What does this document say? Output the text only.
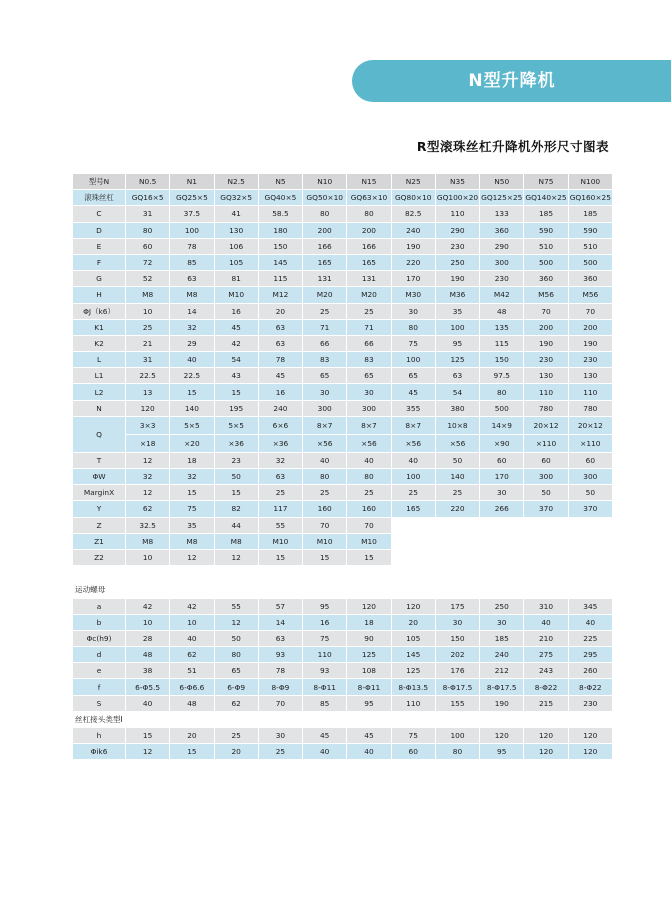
N型升降机
R型滚珠丝杠升降机外形尺寸图表
型号N	N0.5	N1	N2.5	N5	N10	N15	N25	N35	N50	N75	N100
滚珠丝杠	GQ16×5	GQ25×5	GQ32×5	GQ40×5	GQ50×10	GQ63×10	GQ80×10	GQ100×20	GQ125×25	GQ140×25	GQ160×25
C	31	37.5	41	58.5	80	80	82.5	110	133	185	185
D	80	100	130	180	200	200	240	290	360	590	590
E	60	78	106	150	166	166	190	230	290	510	510
F	72	85	105	145	165	165	220	250	300	500	500
G	52	63	81	115	131	131	170	190	230	360	360
H	M8	M8	M10	M12	M20	M20	M30	M36	M42	M56	M56
ΦJ（k6）	10	14	16	20	25	25	30	35	48	70	70
K1	25	32	45	63	71	71	80	100	135	200	200
K2	21	29	42	63	66	66	75	95	115	190	190
L	31	40	54	78	83	83	100	125	150	230	230
L1	22.5	22.5	43	45	65	65	65	63	97.5	130	130
L2	13	15	15	16	30	30	45	54	80	110	110
N	120	140	195	240	300	300	355	380	500	780	780
Q	3×3	5×5	5×5	6×6	8×7	8×7	8×7	10×8	14×9	20×12	20×12
	×18	×20	×36	×36	×56	×56	×56	×56	×90	×110	×110
T	12	18	23	32	40	40	40	50	60	60	60
ΦW	32	32	50	63	80	80	100	140	170	300	300
MarginX	12	15	15	25	25	25	25	25	30	50	50
Y	62	75	82	117	160	160	165	220	266	370	370
Z	32.5	35	44	55	70	70					
Z1	M8	M8	M8	M10	M10	M10					
Z2	10	12	12	15	15	15					

运动螺母											
a	42	42	55	57	95	120	120	175	250	310	345
b	10	10	12	14	16	18	20	30	30	40	40
Φc(h9)	28	40	50	63	75	90	105	150	185	210	225
d	48	62	80	93	110	125	145	202	240	275	295
e	38	51	65	78	93	108	125	176	212	243	260
f	6-Φ5.5	6-Φ6.6	6-Φ9	8-Φ9	8-Φ11	8-Φ11	8-Φ13.5	8-Φ17.5	8-Φ17.5	8-Φ22	8-Φ22
S	40	48	62	70	85	95	110	155	190	215	230
丝杠接头类型Ⅰ											
h	15	20	25	30	45	45	75	100	120	120	120
Φik6	12	15	20	25	40	40	60	80	95	120	120
